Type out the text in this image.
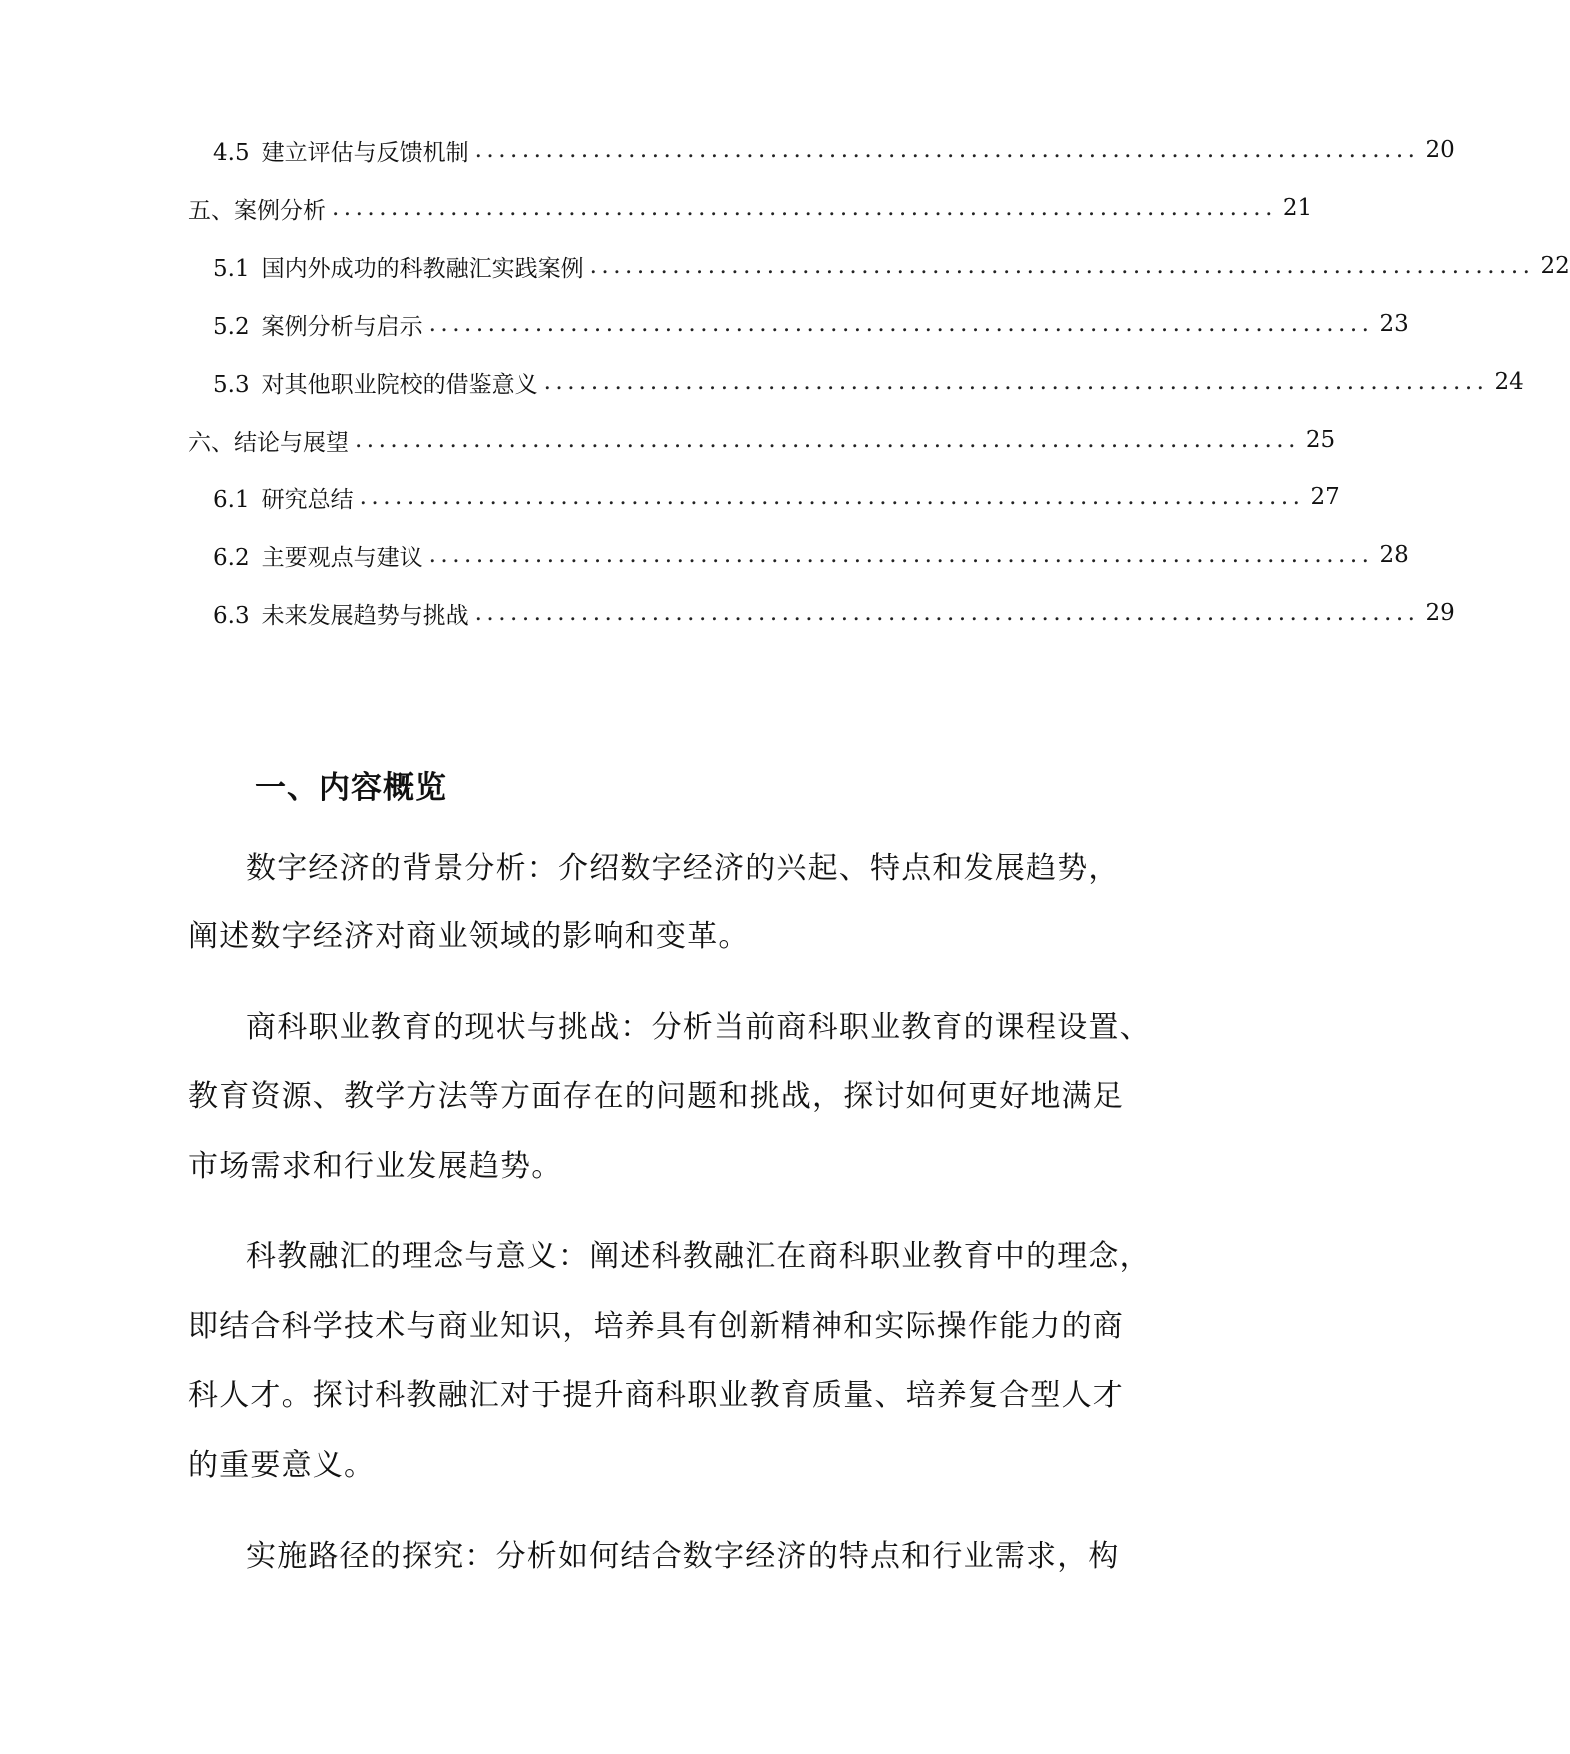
4.5 建立评估与反馈机制 ................................................................................ 20
五、案例分析 ................................................................................ 21
5.1 国内外成功的科教融汇实践案例 ................................................................................ 22
5.2 案例分析与启示 ................................................................................ 23
5.3 对其他职业院校的借鉴意义 ................................................................................ 24
六、结论与展望 ................................................................................ 25
6.1 研究总结 ................................................................................ 27
6.2 主要观点与建议 ................................................................................ 28
6.3 未来发展趋势与挑战 ................................................................................ 29
一、内容概览
数字经济的背景分析：介绍数字经济的兴起、特点和发展趋势，
阐述数字经济对商业领域的影响和变革。
商科职业教育的现状与挑战：分析当前商科职业教育的课程设置、
教育资源、教学方法等方面存在的问题和挑战，探讨如何更好地满足
市场需求和行业发展趋势。
科教融汇的理念与意义：阐述科教融汇在商科职业教育中的理念，
即结合科学技术与商业知识，培养具有创新精神和实际操作能力的商
科人才。探讨科教融汇对于提升商科职业教育质量、培养复合型人才
的重要意义。
实施路径的探究：分析如何结合数字经济的特点和行业需求，构
